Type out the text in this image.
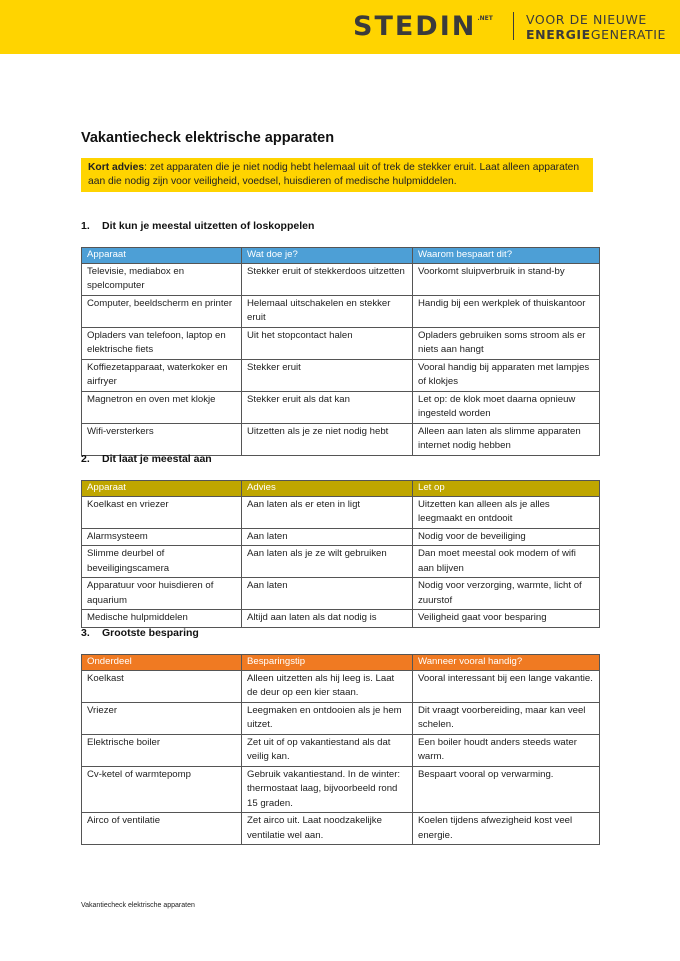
STEDIN .NET	VOOR DE NIEUWE
ENERGIEGENERATIE
Vakantiecheck elektrische apparaten
Kort advies: zet apparaten die je niet nodig hebt helemaal uit of trek de stekker eruit. Laat alleen apparaten aan die nodig zijn voor veiligheid, voedsel, huisdieren of medische hulpmiddelen.
1. Dit kun je meestal uitzetten of loskoppelen
Apparaat	Wat doe je?	Waarom bespaart dit?
Televisie, mediabox en spelcomputer	Stekker eruit of stekkerdoos uitzetten	Voorkomt sluipverbruik in stand-by
Computer, beeldscherm en printer	Helemaal uitschakelen en stekker eruit	Handig bij een werkplek of thuiskantoor
Opladers van telefoon, laptop en elektrische fiets	Uit het stopcontact halen	Opladers gebruiken soms stroom als er niets aan hangt
Koffiezetapparaat, waterkoker en airfryer	Stekker eruit	Vooral handig bij apparaten met lampjes of klokjes
Magnetron en oven met klokje	Stekker eruit als dat kan	Let op: de klok moet daarna opnieuw ingesteld worden
Wifi-versterkers	Uitzetten als je ze niet nodig hebt	Alleen aan laten als slimme apparaten internet nodig hebben
2. Dit laat je meestal aan
Apparaat	Advies	Let op
Koelkast en vriezer	Aan laten als er eten in ligt	Uitzetten kan alleen als je alles leegmaakt en ontdooit
Alarmsysteem	Aan laten	Nodig voor de beveiliging
Slimme deurbel of beveiligingscamera	Aan laten als je ze wilt gebruiken	Dan moet meestal ook modem of wifi aan blijven
Apparatuur voor huisdieren of aquarium	Aan laten	Nodig voor verzorging, warmte, licht of zuurstof
Medische hulpmiddelen	Altijd aan laten als dat nodig is	Veiligheid gaat voor besparing
3. Grootste besparing
Onderdeel	Besparingstip	Wanneer vooral handig?
Koelkast	Alleen uitzetten als hij leeg is. Laat de deur op een kier staan.	Vooral interessant bij een lange vakantie.
Vriezer	Leegmaken en ontdooien als je hem uitzet.	Dit vraagt voorbereiding, maar kan veel schelen.
Elektrische boiler	Zet uit of op vakantiestand als dat veilig kan.	Een boiler houdt anders steeds water warm.
Cv-ketel of warmtepomp	Gebruik vakantiestand. In de winter: thermostaat laag, bijvoorbeeld rond 15 graden.	Bespaart vooral op verwarming.
Airco of ventilatie	Zet airco uit. Laat noodzakelijke ventilatie wel aan.	Koelen tijdens afwezigheid kost veel energie.
Vakantiecheck elektrische apparaten
